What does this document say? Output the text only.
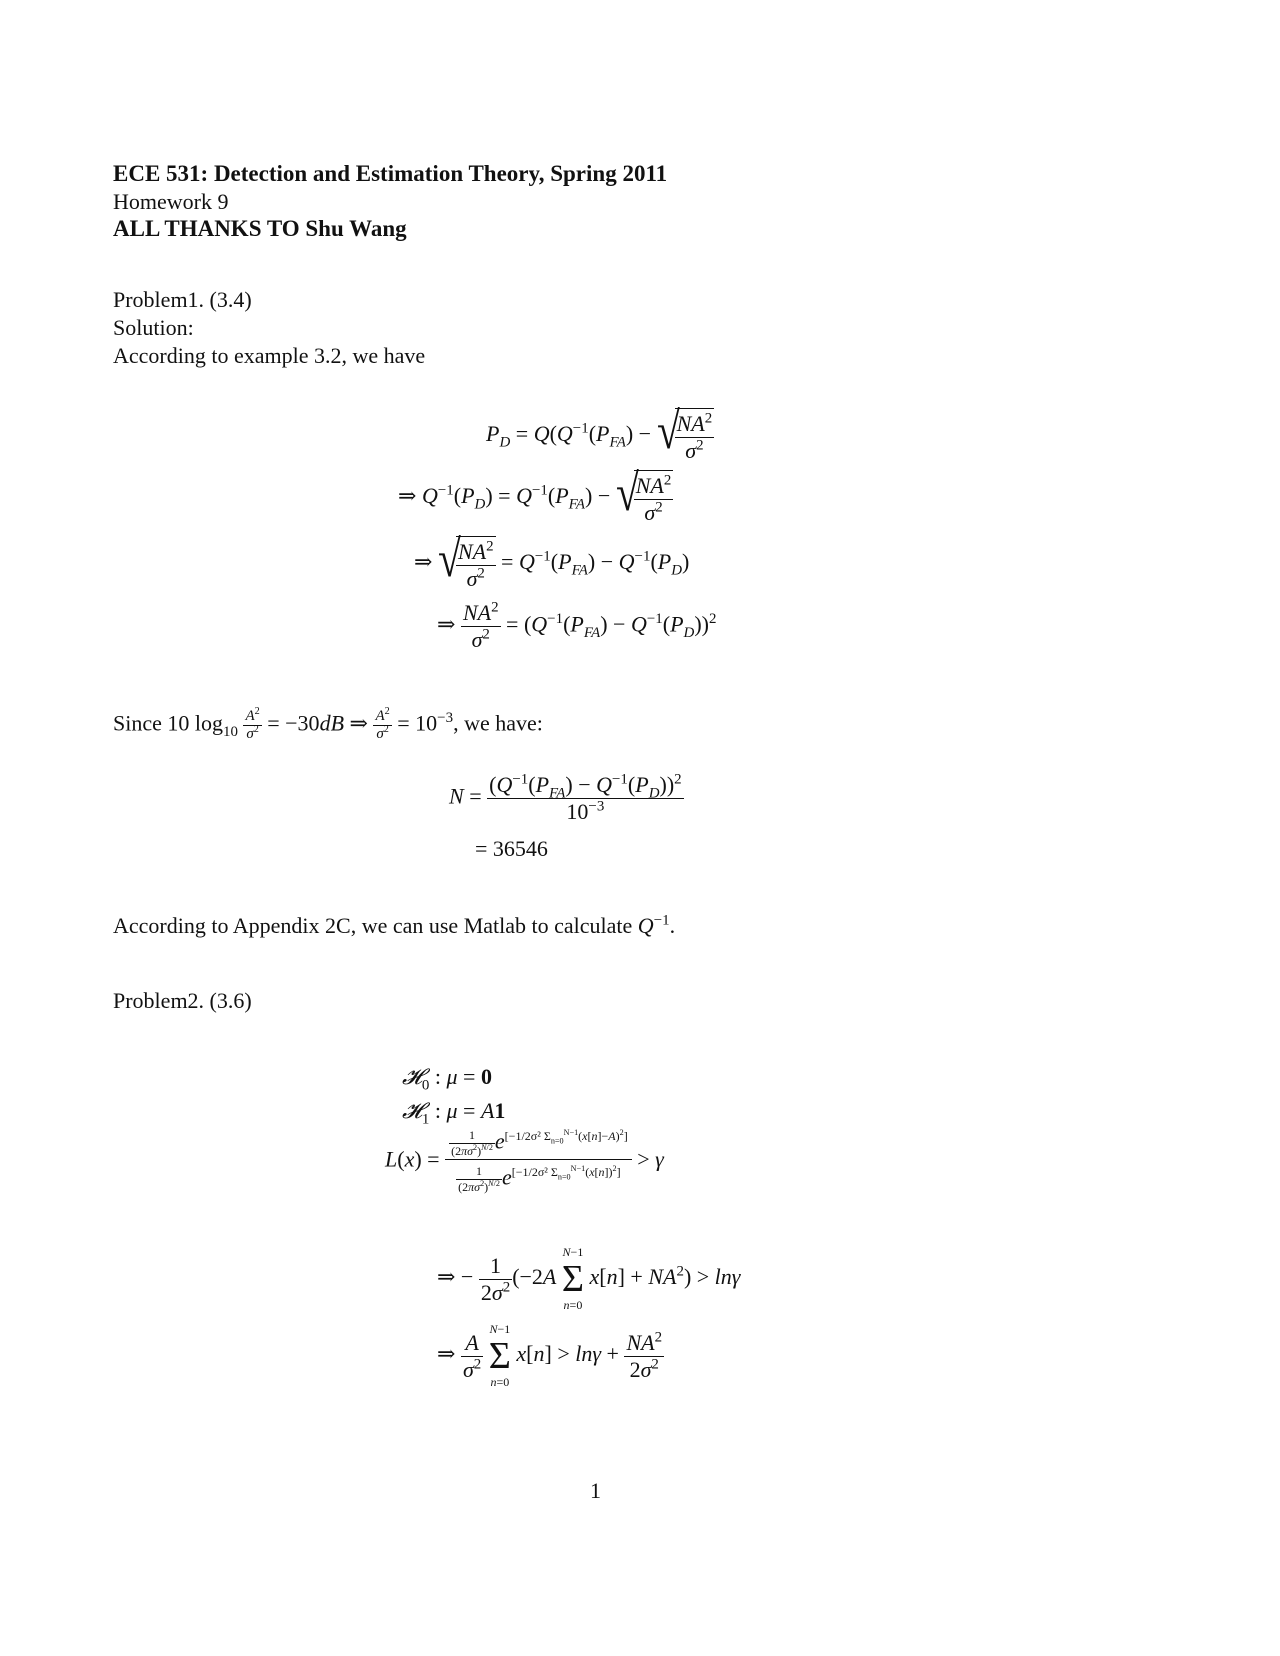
ECE 531: Detection and Estimation Theory, Spring 2011
Homework 9
ALL THANKS TO Shu Wang
Problem1. (3.4)
Solution:
According to example 3.2, we have
$P_D = Q(Q^{-1}(P_{FA})$ − √
$\frac{NA^2}{\sigma^2}$
⇒ $Q^{-1}(P_D) = Q^{-1}(P_{FA})$ − √
$\frac{NA^2}{\sigma^2}$
⇒ √
$\frac{NA^2}{\sigma^2} = Q^{-1}(P_{FA}) - Q^{-1}(P_D)$
⇒ $\frac{NA^2}{\sigma^2} = (Q^{-1}(P_{FA}) - Q^{-1}(P_D))^2$
Since 10 $\log_{10} \frac{A^2}{\sigma^2} = -30dB$ ⇒ $\frac{A^2}{\sigma^2} = 10^{-3}$, we have:
$N = \frac{(Q^{-1}(P_{FA}) - Q^{-1}(P_D))^2}{10^{-3}}$
= 36546
According to Appendix 2C, we can use Matlab to calculate $Q^{-1}$.
Problem2. (3.6)
𝓗$_0$ : μ = 0
𝓗$_1$ : μ = A1
$L(x) = \frac{\frac{1}{(2\pi\sigma^2)^{N/2}} e^{[-1/2\sigma^2 \Sigma_{n=0}^{N-1}(x[n]-A)^2]}}{\frac{1}{(2\pi\sigma^2)^{N/2}} e^{[-1/2\sigma^2 \Sigma_{n=0}^{N-1}(x[n])^2]}} > \gamma$
⇒ − $\frac{1}{2\sigma^2} (-2A$
N−1
Σ
n=0
$x[n] + NA^2) > \ln\gamma$
⇒ $\frac{A}{\sigma^2}$

N−1
Σ
n=0
$x[n] > \ln\gamma + \frac{NA^2}{2\sigma^2}$
1
